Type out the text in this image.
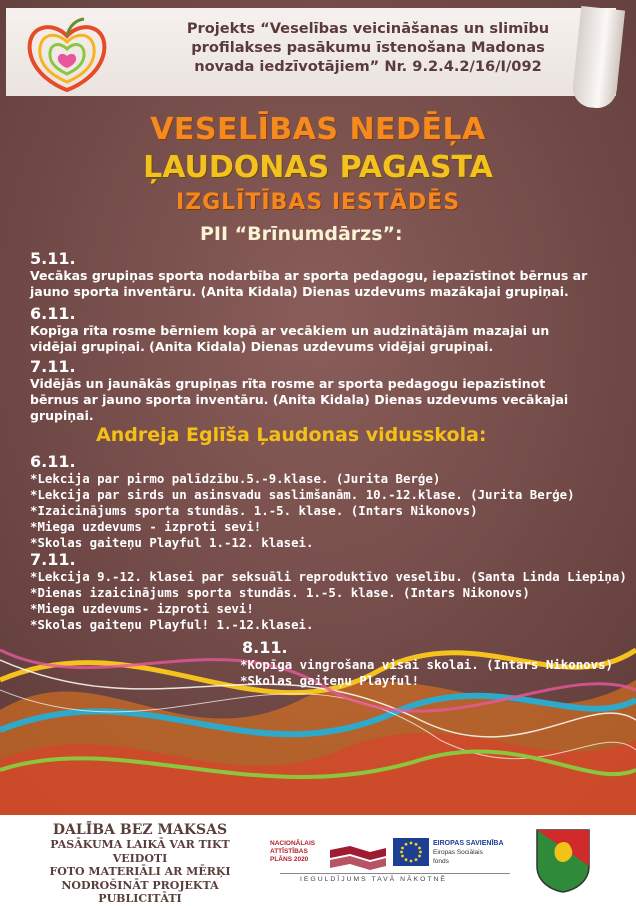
Projekts “Veselības veicināšanas un slimību
profilakses pasākumu īstenošana Madonas
novada iedzīvotājiem” Nr. 9.2.4.2/16/I/092

VESELĪBAS NEDĒĻA
ĻAUDONAS PAGASTA
IZGLĪTĪBAS IESTĀDĒS
PII “Brīnumdārzs”:

5.11.

Vecākas grupiņas sporta nodarbība ar sporta pedagogu, iepazīstinot bērnus ar
jauno sporta inventāru. (Anita Kidala) Dienas uzdevums mazākajai grupiņai.

6.11.

Kopīga rīta rosme bērniem kopā ar vecākiem un audzinātājām mazajai un
vidējai grupiņai. (Anita Kidala) Dienas uzdevums vidējai grupiņai.

7.11.

Vidējās un jaunākās grupiņas rīta rosme ar sporta pedagogu iepazīstinot
bērnus ar jauno sporta inventāru. (Anita Kidala) Dienas uzdevums vecākajai
grupiņai.

Andreja Eglīša Ļaudonas vidusskola:

6.11.

*Lekcija par pirmo palīdzību.5.-9.klase. (Jurita Berģe)
*Lekcija par sirds un asinsvadu saslimšanām. 10.-12.klase. (Jurita Berģe)
*Izaicinājums sporta stundās. 1.-5. klase. (Intars Nikonovs)
*Miega uzdevums - izproti sevi!
*Skolas gaiteņu Playful 1.-12. klasei.

7.11.

*Lekcija 9.-12. klasei par seksuāli reproduktīvo veselību. (Santa Linda Liepiņa)
*Dienas izaicinājums sporta stundās. 1.-5. klase. (Intars Nikonovs)
*Miega uzdevums- izproti sevi!
*Skolas gaiteņu Playful! 1.-12.klasei.

8.11.

*Kopīga vingrošana visai skolai. (Intars Nikonovs)
*Skolas gaiteņu Playful!

DALĪBA BEZ MAKSAS
PASĀKUMA LAIKĀ VAR TIKT VEIDOTI
FOTO MATERIĀLI AR MĒRĶI
NODROŠINĀT PROJEKTA PUBLICITĀTI

NACIONĀLAIS
ATTĪSTĪBAS
PLĀNS 2020

EIROPAS SAVIENĪBA
Eiropas Sociālais
fonds

IEGULDĪJUMS TAVĀ NĀKOTNĒ
